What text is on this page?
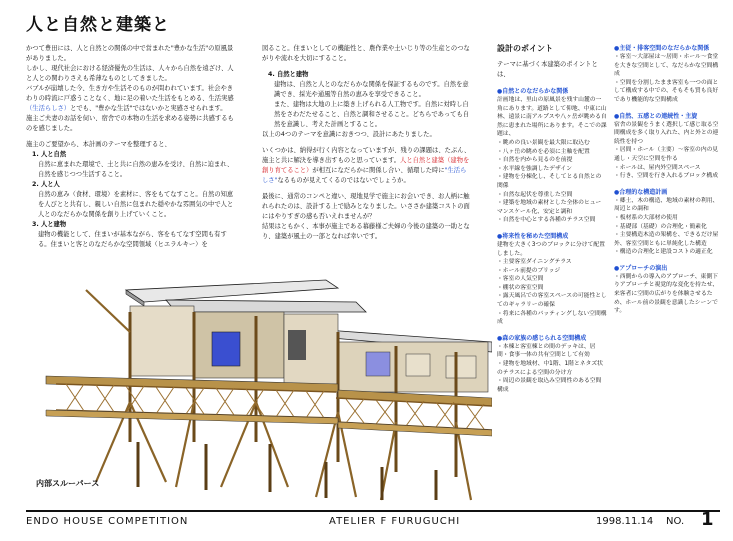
人と自然と建築と
かつて豊田には、人と自然との関係の中で営まれた"豊かな生活"の原風景がありました。
しかし、現代社会における経済優先の生活は、人々から自然を遠ざけ、人と人との関わりさえも希薄なものとしてきました。
バブルが崩壊した今、生き方や生活そのものが問われています。社会やきわりの時流に戸惑うことなく、地に足の着いた生活をもとめる、生活実感（生活らしさ）とでも、"豊かな生活"ではないかと実感させられます。
施主ご夫妻のお話を伺い、宿舎での本物の生活を求める姿勢に共感するものを感じました。
施主のご要望から、本計画のテーマを整理すると、
1. 人と自然
自然に恵まれた環境で、土と共に自然の恵みを受け、自然に迫まれ、自然を感じつつ生活すること。
2. 人と人
自然の恵み（食材、環境）を素材に、客をもてなすこと。自然の知恵を人びとと共有し、親しい自然に包まれた穏やかな雰囲気の中で人と人とのなだらかな関係を創り上げていくこと。
3. 人と建物
建物の機能として、住まいが基本ながら、客をもてなす空間も有する。住まいと客とのなだらかな空間領域（ヒエラルキー）を
図ること。住まいとしての機能性と、農作業や土いじり等の生産とのつながりや流れを大切にすること。
4. 自然と建物
建物は、自然と人とのなだらかな関係を保証するものです。自然を意識でき、採光や通風等自然の恵みを享受できること。
また、建物は大地の上に築き上げられる人工物です。自然に対時し自然をさわだたせること、自然と調和させること。どちらであっても自然を意識し、考えた計画とすること。
以上の4つのテーマを意識におきつつ、設計にあたりました。
いくつかは、納得が行く内容となっていますが、残りの課題は、たぶん、施主と共に解決を導き出すものと思っています。人と自然と建築（建物を創り育てること）が相互になだらかに関係し合い、循環した時に"生活らしさ"なるものが見えてくるのではないでしょうか。
最後に、通常のコンペと違い、現地見学で施主にお会いでき、お人柄に触れられたのは、設計する上で励みとなりました。いささか建築コストの面にはやりすぎの感も否いえれませんが？
結果はともかく、本事が施主である幕藤様ご夫婦の今後の建築の一助となり、建築が風土の一部となれば幸いです。
設計のポイント
テーマに基づく本建築のポイントとは、
●自然とのなだらかな関係
計画地は、里山の原風景を残す山麓の一角にあります。道路として仰地、中東に山林、遠景に南アルプスや八ヶ岳が眺める自然に恵まれた場所にあります。そこでの課題は、
・眺めの良い景観を最大限に取込む
・八ヶ岳の眺めを必須に主軸を配置
・自然を内から見るのを前提
・水平線を強調したデザイン
・建物を分棟化し、そしてとる自然との関係
・自然な起伏を尊重した空間
・建築を地域の素材とした全体のヒューマンスケール化、安定と調和
・自然を中心とする各種のテラス空間
●将来性を秘めた空間構成
建物を大きく3つのブロックに分けて配置しました。
・主要客室ダイニングテラス
・ホール前提のブリッジ
・客室の人気空間
・棚状の客室空間
・露天風呂での客室スペースの可能性としてのギャラリーの確保
・将来に各種のパッティングしない空間構成
●森の家族の感じられる空間構成
・本棟と客室棟との間のデッキは、居間・食事一体の共有空間として有効
・建物を地域材、中1階、1階とネタズ状のテラスによる空間の分け方
・周辺の景観を取込み空間性のある空間構成
●主従・排客空間のなだらかな関係
・客室〜大部屋は〜居間・ホール〜食堂を大きな空間として、なだらかな空間構成
・空間を分割したまま客室も一つの面として構成する中での、そもそも質も良好であり機能的な空間構成
●自然、五感との連続性・主旋
宿舎の景観をうまく選択して感じ取る空間構成を多く取り入れた、内と外との連続性を持つ
・居間・ホール（主要）〜客室の内の見通し・天空に空間を作る
・ホールは、屋内外空間スペース
・行き、空間を行き入れるブロック構成
●合理的な構造計画
・郷土、木の構造、地域の素材の利用、周辺との調和
・板材系の大部材の使用
・基礎部（基礎）の合理化・簡素化
・主要構造木造の架構を、できるだけ屋外、客室空間ともに単純化した構造
・構造の合理化と建設コストの適正化
●アプローチの演出
・西側からの導入のアプローチ、東側下りアプローチと視覚的な変化を持たせ、来客者に空間の広がりを体験させるため、ホール前の景観を意識したシーンです。
内部スルーパース
ENDO HOUSE COMPETITION	ATELIER F FURUGUCHI	1998.11.14 NO. 1
